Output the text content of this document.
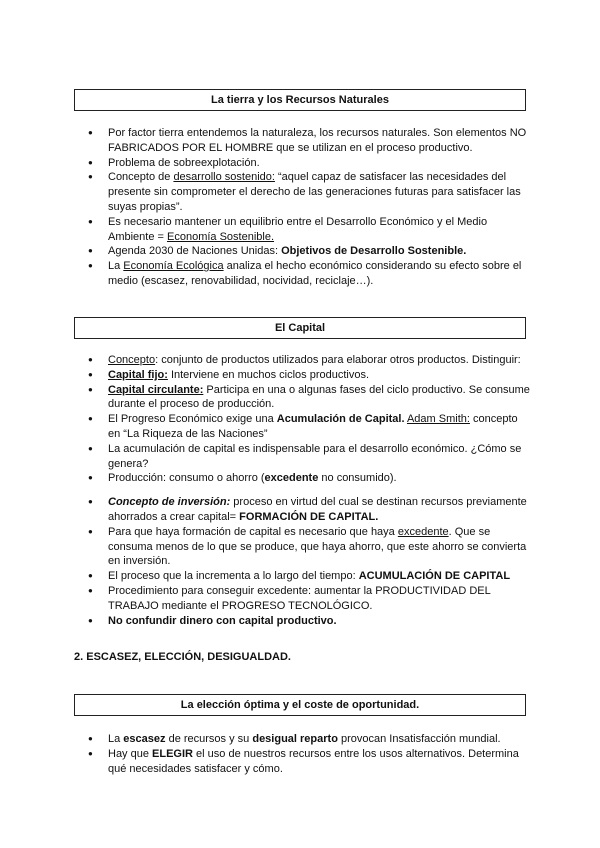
La tierra y los Recursos Naturales
● Por factor tierra entendemos la naturaleza, los recursos naturales. Son elementos NO FABRICADOS POR EL HOMBRE que se utilizan en el proceso productivo.
● Problema de sobreexplotación.
● Concepto de desarrollo sostenido: “aquel capaz de satisfacer las necesidades del presente sin comprometer el derecho de las generaciones futuras para satisfacer las suyas propias”.
● Es necesario mantener un equilibrio entre el Desarrollo Económico y el Medio Ambiente = Economía Sostenible.
● Agenda 2030 de Naciones Unidas: Objetivos de Desarrollo Sostenible.
● La Economía Ecológica analiza el hecho económico considerando su efecto sobre el medio (escasez, renovabilidad, nocividad, reciclaje…).
El Capital
● Concepto: conjunto de productos utilizados para elaborar otros productos. Distinguir:
● Capital fijo: Interviene en muchos ciclos productivos.
● Capital circulante: Participa en una o algunas fases del ciclo productivo. Se consume durante el proceso de producción.
● El Progreso Económico exige una Acumulación de Capital. Adam Smith: concepto en “La Riqueza de las Naciones”
● La acumulación de capital es indispensable para el desarrollo económico. ¿Cómo se genera?
● Producción: consumo o ahorro (excedente no consumido).
● Concepto de inversión: proceso en virtud del cual se destinan recursos previamente ahorrados a crear capital= FORMACIÓN DE CAPITAL.
● Para que haya formación de capital es necesario que haya excedente. Que se consuma menos de lo que se produce, que haya ahorro, que este ahorro se convierta en inversión.
● El proceso que la incrementa a lo largo del tiempo: ACUMULACIÓN DE CAPITAL
● Procedimiento para conseguir excedente: aumentar la PRODUCTIVIDAD DEL TRABAJO mediante el PROGRESO TECNOLÓGICO.
● No confundir dinero con capital productivo.
2. ESCASEZ, ELECCIÓN, DESIGUALDAD.
La elección óptima y el coste de oportunidad.
● La escasez de recursos y su desigual reparto provocan Insatisfacción mundial.
● Hay que ELEGIR el uso de nuestros recursos entre los usos alternativos. Determina qué necesidades satisfacer y cómo.
